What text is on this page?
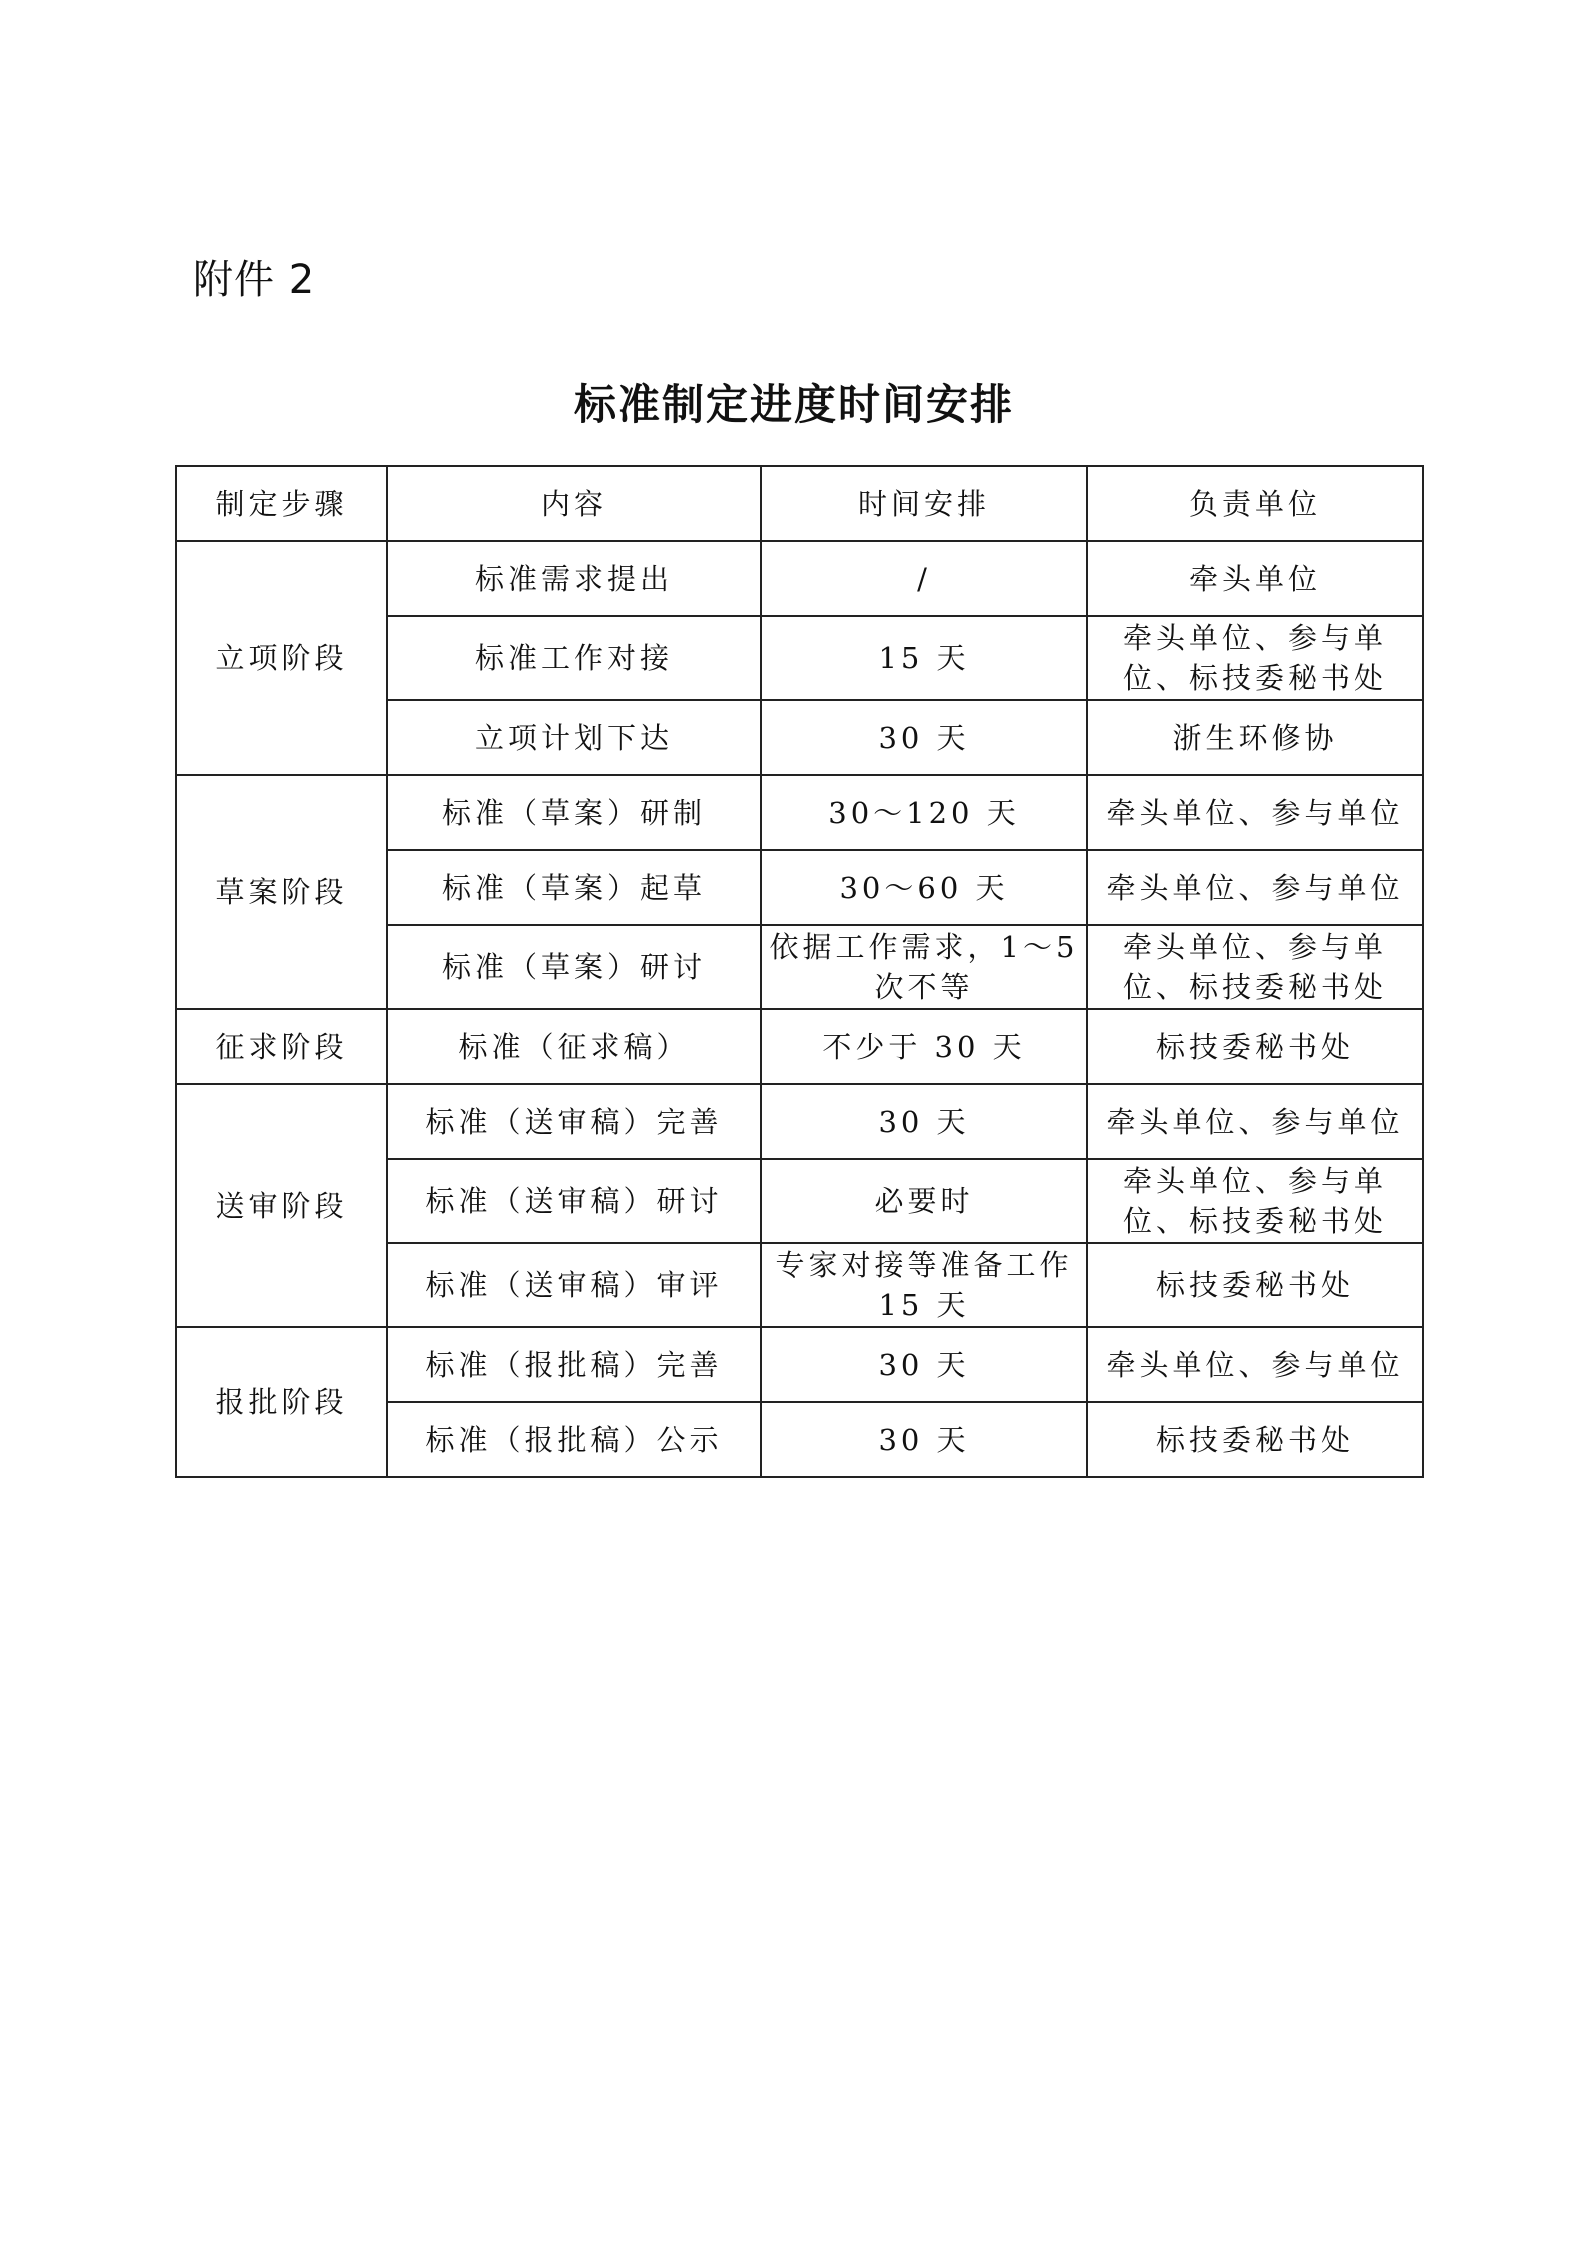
附件 2
标准制定进度时间安排
制定步骤	内容	时间安排	负责单位
立项阶段	标准需求提出	/	牵头单位
	标准工作对接	15 天	牵头单位、参与单位、标技委秘书处
	立项计划下达	30 天	浙生环修协
草案阶段	标准（草案）研制	30～120 天	牵头单位、参与单位
	标准（草案）起草	30～60 天	牵头单位、参与单位
	标准（草案）研讨	依据工作需求，1～5次不等	牵头单位、参与单位、标技委秘书处
征求阶段	标准（征求稿）	不少于 30 天	标技委秘书处
送审阶段	标准（送审稿）完善	30 天	牵头单位、参与单位
	标准（送审稿）研讨	必要时	牵头单位、参与单位、标技委秘书处
	标准（送审稿）审评	专家对接等准备工作15 天	标技委秘书处
报批阶段	标准（报批稿）完善	30 天	牵头单位、参与单位
	标准（报批稿）公示	30 天	标技委秘书处
